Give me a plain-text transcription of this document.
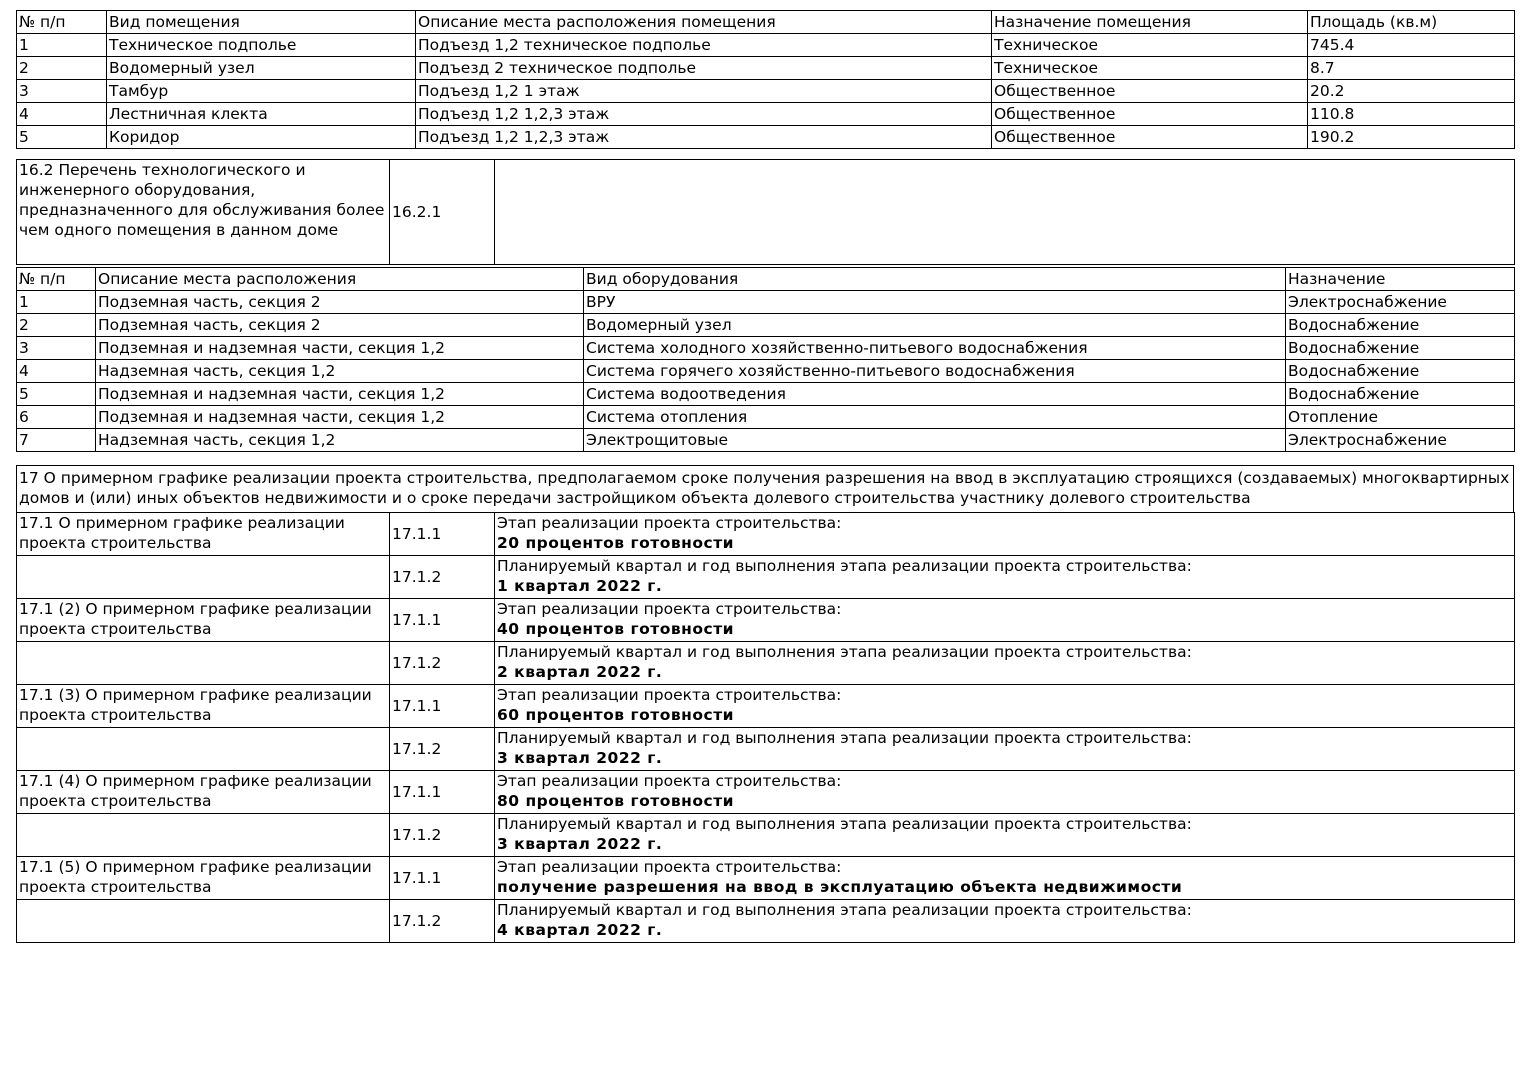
№ п/п	Вид помещения	Описание места расположения помещения	Назначение помещения	Площадь (кв.м)
1	Техническое подполье	Подъезд 1,2 техническое подполье	Техническое	745.4
2	Водомерный узел	Подъезд 2 техническое подполье	Техническое	8.7
3	Тамбур	Подъезд 1,2 1 этаж	Общественное	20.2
4	Лестничная клекта	Подъезд 1,2 1,2,3 этаж	Общественное	110.8
5	Коридор	Подъезд 1,2 1,2,3 этаж	Общественное	190.2
16.2 Перечень технологического и инженерного оборудования, предназначенного для обслуживания более чем одного помещения в данном доме	16.2.1	
№ п/п	Описание места расположения	Вид оборудования	Назначение
1	Подземная часть, секция 2	ВРУ	Электроснабжение
2	Подземная часть, секция 2	Водомерный узел	Водоснабжение
3	Подземная и надземная части, секция 1,2	Система холодного хозяйственно-питьевого водоснабжения	Водоснабжение
4	Надземная часть, секция 1,2	Система горячего хозяйственно-питьевого водоснабжения	Водоснабжение
5	Подземная и надземная части, секция 1,2	Система водоотведения	Водоснабжение
6	Подземная и надземная части, секция 1,2	Система отопления	Отопление
7	Надземная часть, секция 1,2	Электрощитовые	Электроснабжение
17 О примерном графике реализации проекта строительства, предполагаемом сроке получения разрешения на ввод в эксплуатацию строящихся (создаваемых) многоквартирных домов и (или) иных объектов недвижимости и о сроке передачи застройщиком объекта долевого строительства участнику долевого строительства
17.1 О примерном графике реализации проекта строительства	17.1.1	Этап реализации проекта строительства:
20 процентов готовности
	17.1.2	Планируемый квартал и год выполнения этапа реализации проекта строительства:
1 квартал 2022 г.
17.1 (2) О примерном графике реализации проекта строительства	17.1.1	Этап реализации проекта строительства:
40 процентов готовности
	17.1.2	Планируемый квартал и год выполнения этапа реализации проекта строительства:
2 квартал 2022 г.
17.1 (3) О примерном графике реализации проекта строительства	17.1.1	Этап реализации проекта строительства:
60 процентов готовности
	17.1.2	Планируемый квартал и год выполнения этапа реализации проекта строительства:
3 квартал 2022 г.
17.1 (4) О примерном графике реализации проекта строительства	17.1.1	Этап реализации проекта строительства:
80 процентов готовности
	17.1.2	Планируемый квартал и год выполнения этапа реализации проекта строительства:
3 квартал 2022 г.
17.1 (5) О примерном графике реализации проекта строительства	17.1.1	Этап реализации проекта строительства:
получение разрешения на ввод в эксплуатацию объекта недвижимости
	17.1.2	Планируемый квартал и год выполнения этапа реализации проекта строительства:
4 квартал 2022 г.
